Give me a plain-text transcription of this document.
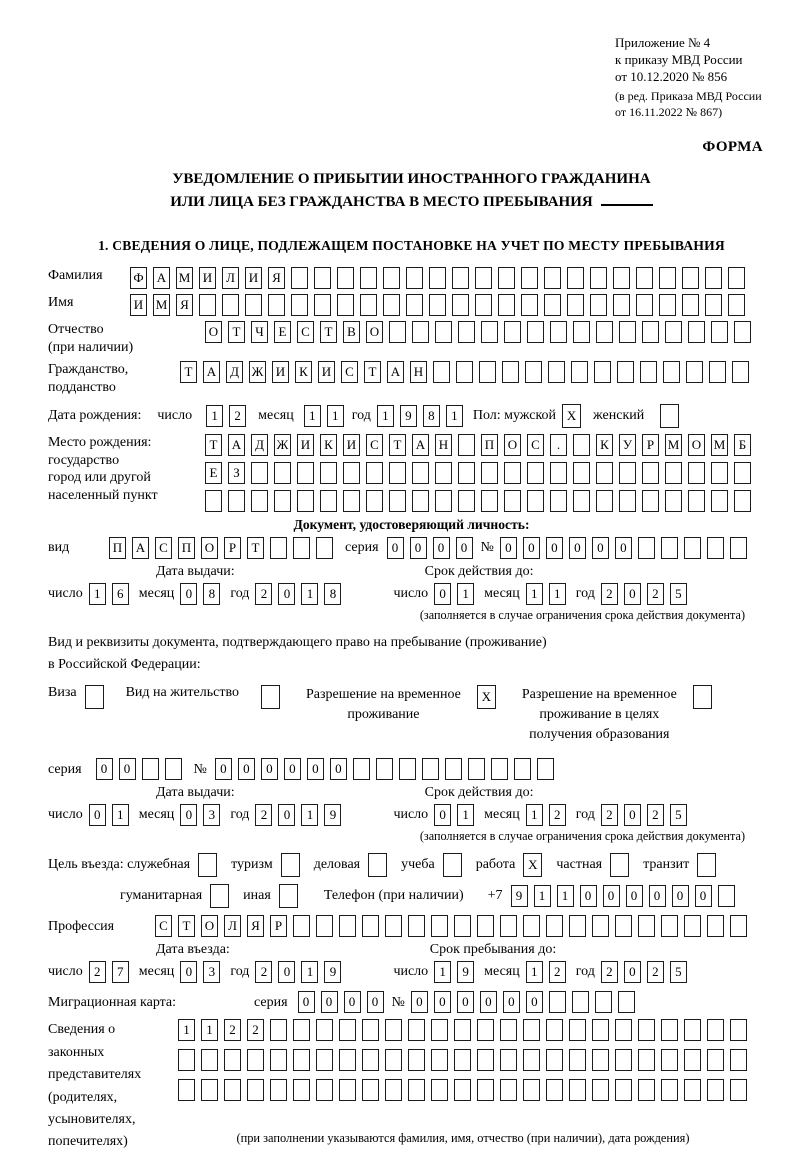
Приложение № 4
к приказу МВД России
от 10.12.2020 № 856
(в ред. Приказа МВД России
от 16.11.2022 № 867)
ФОРМА
УВЕДОМЛЕНИЕ О ПРИБЫТИИ ИНОСТРАННОГО ГРАЖДАНИНА
ИЛИ ЛИЦА БЕЗ ГРАЖДАНСТВА В МЕСТО ПРЕБЫВАНИЯ
1. СВЕДЕНИЯ О ЛИЦЕ, ПОДЛЕЖАЩЕМ ПОСТАНОВКЕ НА УЧЕТ ПО МЕСТУ ПРЕБЫВАНИЯ
Фамилия	Ф А М И	Л	И	Я
Имя	И М Я
Отчество
(при наличии)
О	Т	Ч	Е	С	Т	В	О
Гражданство,
подданство
Т	А	Д Ж И	К	И	С	Т	А Н
Дата рождения: число	1	2	месяц	1	1 год 1	9	8	1	Пол: мужской X	женский
Место рождения:
государство
город или другой
населенный пункт
Т	А	Д Ж И	К	И	С	Т	А Н	П О	С	.	К	У	Р	М О М	Б
Е	З
Документ, удостоверяющий личность:
вид	П А	С	П О	Р	Т	серия	0	0	0	0 № 0	0	0	0	0	0
Дата выдачи:	Срок действия до:
число 1	6	месяц 0	8	год 2	0	1	8	число 0	1	месяц 1	1	год 2	0	2	5
(заполняется в случае ограничения срока действия документа)
Вид и реквизиты документа, подтверждающего право на пребывание (проживание)
в Российской Федерации:
Виза	Вид на жительство	Разрешение на временное
проживание
X	Разрешение на временное
проживание в целях
получения образования
серия	0	0	№	0	0	0	0	0	0
Дата выдачи:	Срок действия до:
число 0	1	месяц 0	3	год 2	0	1	9	число 0	1	месяц 1	2	год 2	0	2	5
(заполняется в случае ограничения срока действия документа)
Цель въезда: служебная	туризм	деловая	учеба	работа X	частная	транзит
гуманитарная	иная	Телефон (при наличии) +7	9	1	1	0	0	0	0	0	0
Профессия	С	Т	О	Л	Я	Р
Дата въезда:	Срок пребывания до:
число 2	7	месяц 0	3	год 2	0	1	9	число 1	9	месяц 1	2	год 2	0	2	5
Миграционная карта:	серия	0	0	0	0 № 0	0	0	0	0	0
Сведения о
законных
представителях
(родителях,
усыновителях,
попечителях)
1	1	2	2
(при заполнении указываются фамилия, имя, отчество (при наличии), дата рождения)
